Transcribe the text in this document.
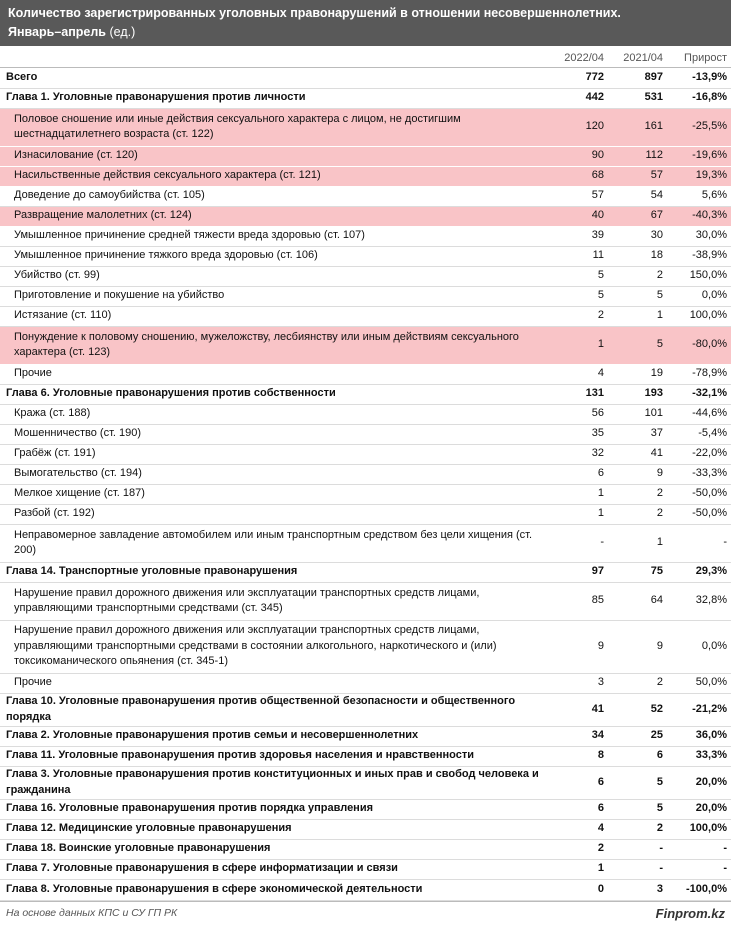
Количество зарегистрированных уголовных правонарушений в отношении несовершеннолетних.
Январь–апрель (ед.)
2022/04	2021/04	Прирост
Всего	772	897	-13,9%
Глава 1. Уголовные правонарушения против личности	442	531	-16,8%
Половое сношение или иные действия сексуального характера с лицом, не достигшим шестнадцатилетнего возраста (ст. 122)	120	161	-25,5%
Изнасилование (ст. 120)	90	112	-19,6%
Насильственные действия сексуального характера (ст. 121)	68	57	19,3%
Доведение до самоубийства (ст. 105)	57	54	5,6%
Развращение малолетних (ст. 124)	40	67	-40,3%
Умышленное причинение средней тяжести вреда здоровью (ст. 107)	39	30	30,0%
Умышленное причинение тяжкого вреда здоровью (ст. 106)	11	18	-38,9%
Убийство (ст. 99)	5	2	150,0%
Приготовление и покушение на убийство	5	5	0,0%
Истязание (ст. 110)	2	1	100,0%
Понуждение к половому сношению, мужеложству, лесбиянству или иным действиям сексуального характера (ст. 123)	1	5	-80,0%
Прочие	4	19	-78,9%
Глава 6. Уголовные правонарушения против собственности	131	193	-32,1%
Кража (ст. 188)	56	101	-44,6%
Мошенничество (ст. 190)	35	37	-5,4%
Грабёж (ст. 191)	32	41	-22,0%
Вымогательство (ст. 194)	6	9	-33,3%
Мелкое хищение (ст. 187)	1	2	-50,0%
Разбой (ст. 192)	1	2	-50,0%
Неправомерное завладение автомобилем или иным транспортным средством без цели хищения (ст. 200)	-	1	-
Глава 14. Транспортные уголовные правонарушения	97	75	29,3%
Нарушение правил дорожного движения или эксплуатации транспортных средств лицами, управляющими транспортными средствами (ст. 345)	85	64	32,8%
Нарушение правил дорожного движения или эксплуатации транспортных средств лицами, управляющими транспортными средствами в состоянии алкогольного, наркотического и (или) токсикоманического опьянения (ст. 345-1)	9	9	0,0%
Прочие	3	2	50,0%
Глава 10. Уголовные правонарушения против общественной безопасности и общественного порядка	41	52	-21,2%
Глава 2. Уголовные правонарушения против семьи и несовершеннолетних	34	25	36,0%
Глава 11. Уголовные правонарушения против здоровья населения и нравственности	8	6	33,3%
Глава 3. Уголовные правонарушения против конституционных и иных прав и свобод человека и гражданина	6	5	20,0%
Глава 16. Уголовные правонарушения против порядка управления	6	5	20,0%
Глава 12. Медицинские уголовные правонарушения	4	2	100,0%
Глава 18. Воинские уголовные правонарушения	2	-	-
Глава 7. Уголовные правонарушения в сфере информатизации и связи	1	-	-
Глава 8. Уголовные правонарушения в сфере экономической деятельности	0	3	-100,0%
На основе данных КПС и СУ ГП РК	Finprom.kz
